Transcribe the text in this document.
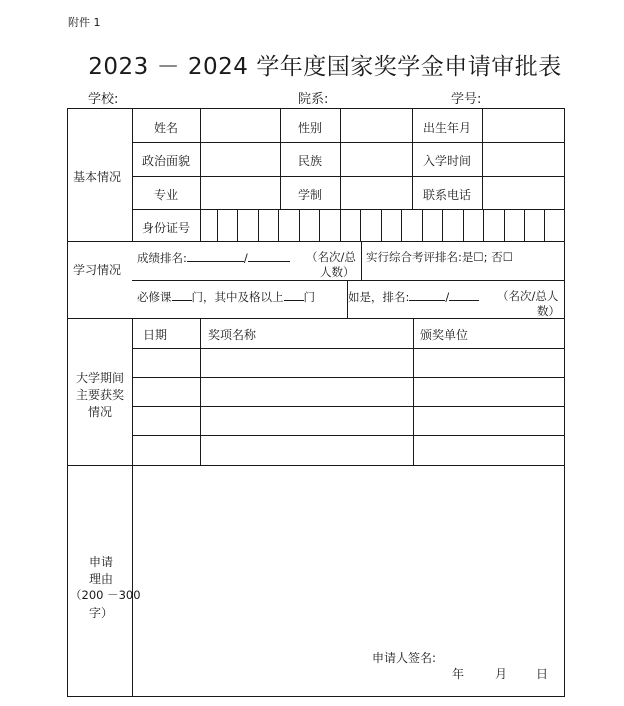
附件 1
2023 － 2024 学年度国家奖学金申请审批表
学校:	院系:	学号:
基本情况
姓名	性别	出生年月
政治面貌	民族	入学时间
专业	学制	联系电话
身份证号
学习情况
成绩排名:	/	（名次/总
人数）
实行综合考评排名:是☐; 否☐
必修课 门，其中及格以上 门	如是，排名:	/	（名次/总人
数）
大学期间
主要获奖
情况
日期	奖项名称	颁奖单位
申请
理由
（200 －300
字）
申请人签名:
年	月 日
